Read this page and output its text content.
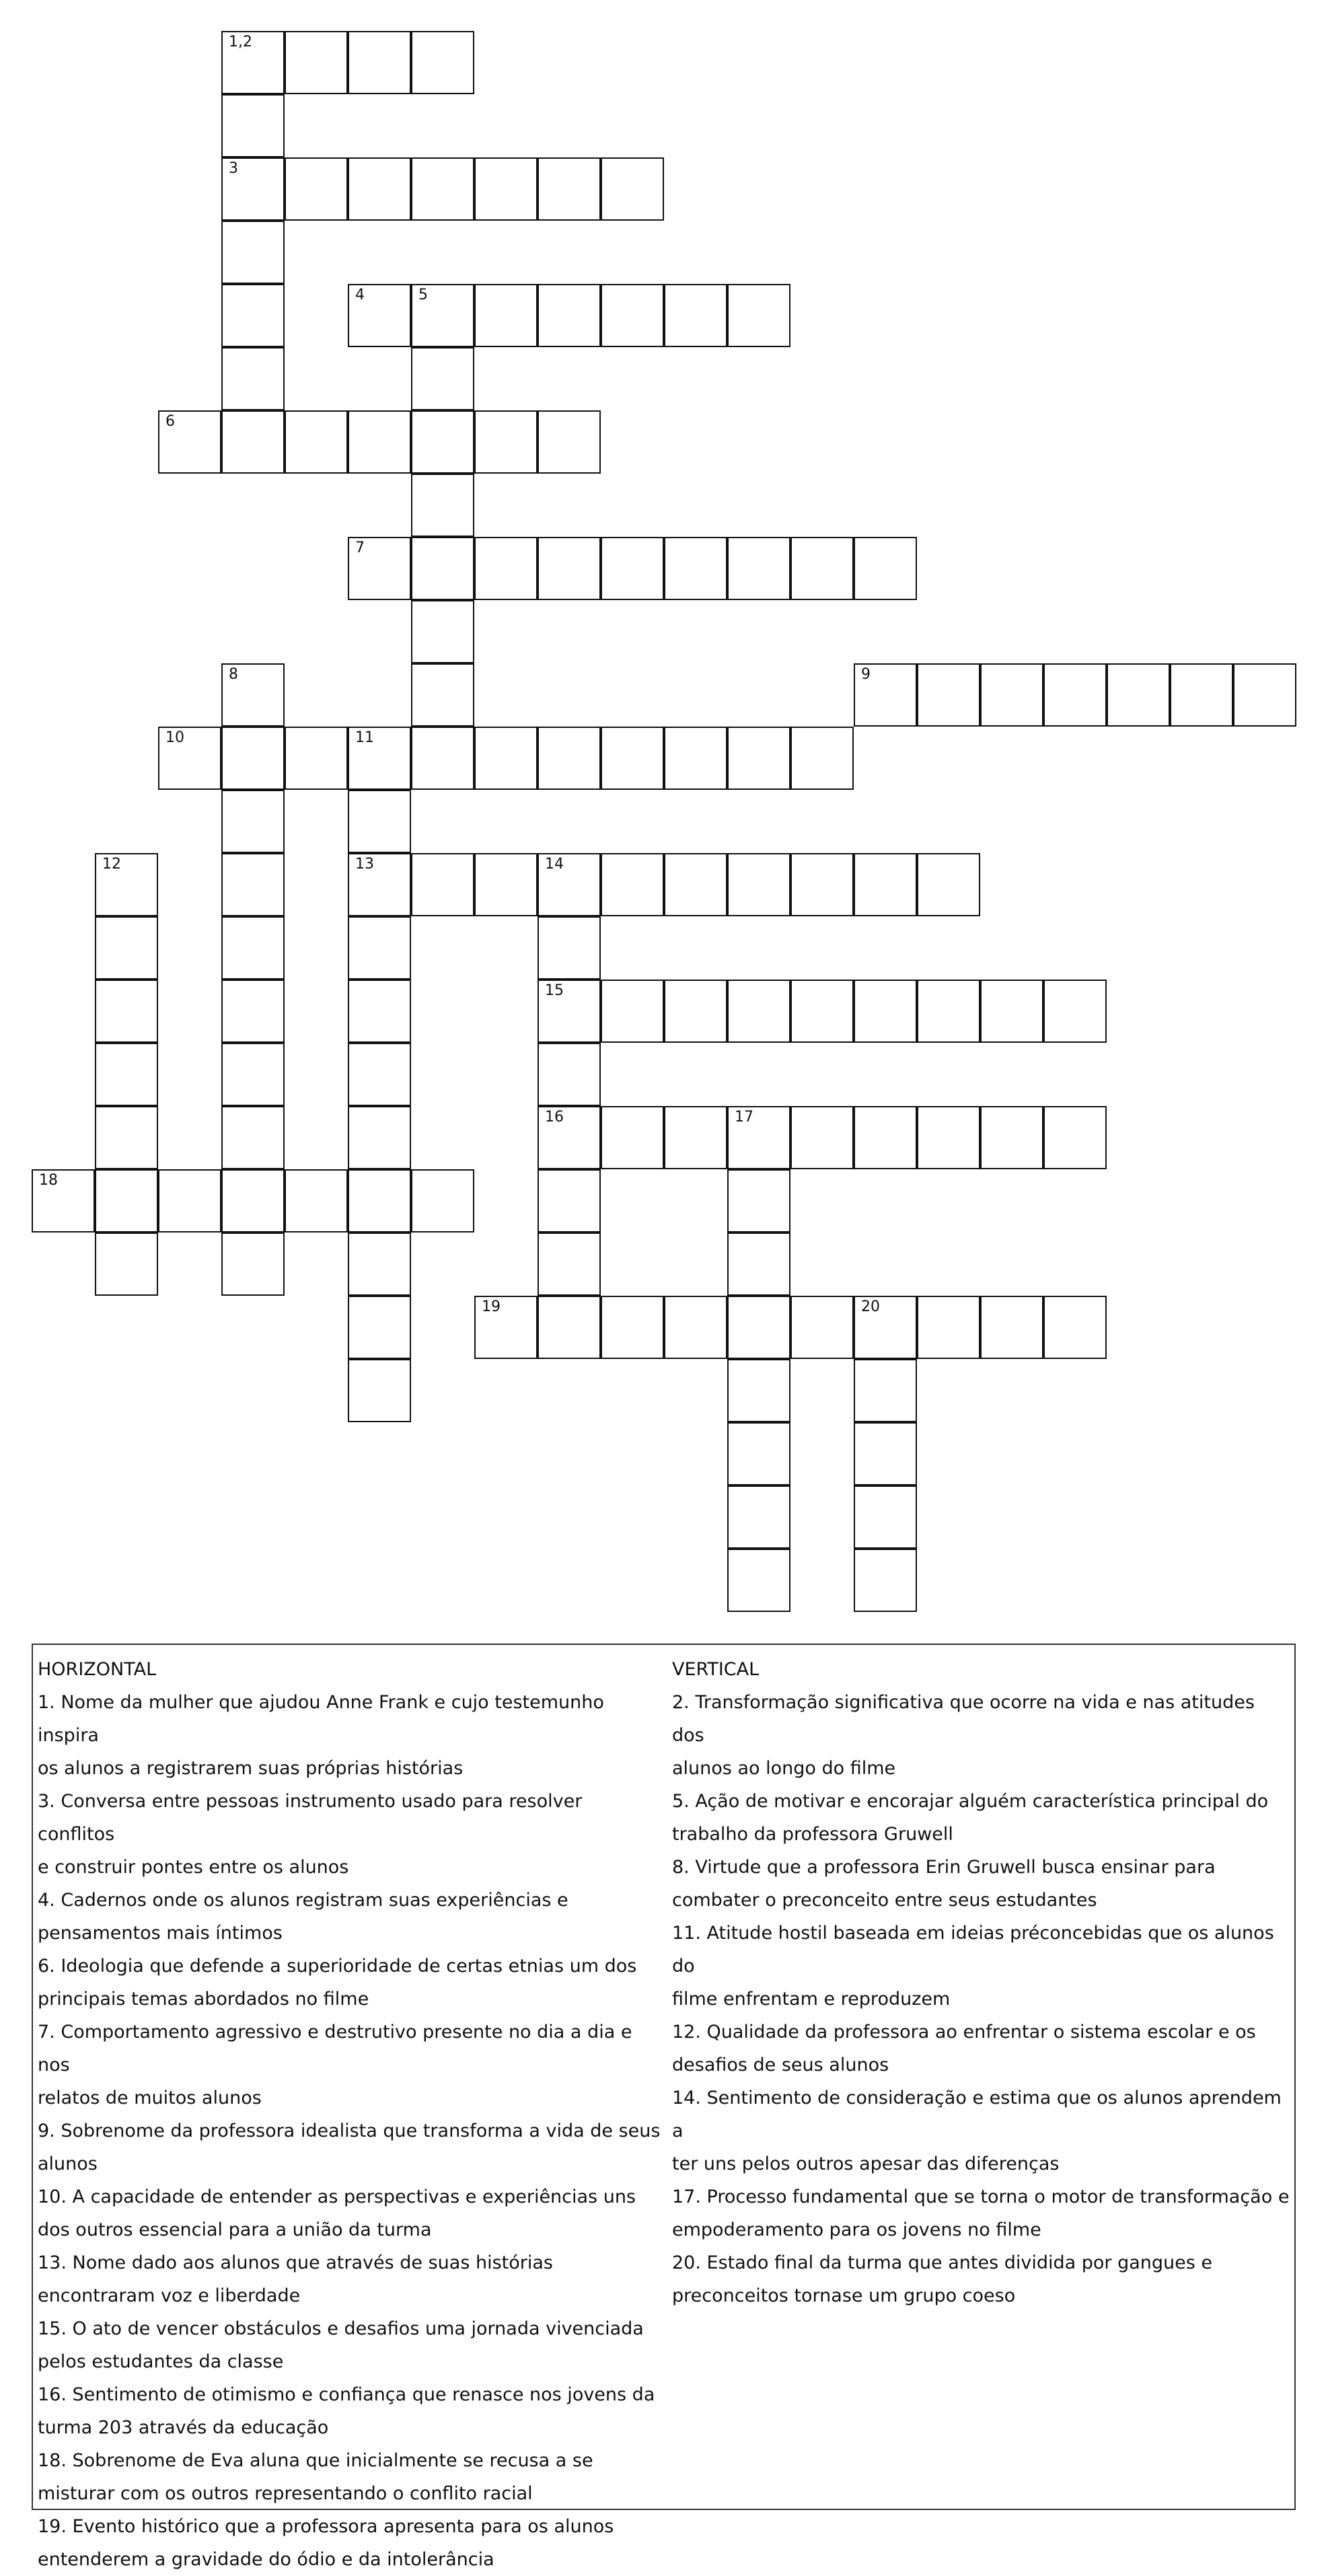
1,2
3
4	5
6
7
8	9
10	11
12	13	14
15
16	17
18
19	20
HORIZONTAL
1. Nome da mulher que ajudou Anne Frank e cujo testemunho inspira
os alunos a registrarem suas próprias histórias
3. Conversa entre pessoas instrumento usado para resolver conflitos
e construir pontes entre os alunos
4. Cadernos onde os alunos registram suas experiências e
pensamentos mais íntimos
6. Ideologia que defende a superioridade de certas etnias um dos
principais temas abordados no filme
7. Comportamento agressivo e destrutivo presente no dia a dia e nos
relatos de muitos alunos
9. Sobrenome da professora idealista que transforma a vida de seus
alunos
10. A capacidade de entender as perspectivas e experiências uns
dos outros essencial para a união da turma
13. Nome dado aos alunos que através de suas histórias
encontraram voz e liberdade
15. O ato de vencer obstáculos e desafios uma jornada vivenciada
pelos estudantes da classe
16. Sentimento de otimismo e confiança que renasce nos jovens da
turma 203 através da educação
18. Sobrenome de Eva aluna que inicialmente se recusa a se
misturar com os outros representando o conflito racial
19. Evento histórico que a professora apresenta para os alunos
entenderem a gravidade do ódio e da intolerância
VERTICAL
2. Transformação significativa que ocorre na vida e nas atitudes dos
alunos ao longo do filme
5. Ação de motivar e encorajar alguém característica principal do
trabalho da professora Gruwell
8. Virtude que a professora Erin Gruwell busca ensinar para
combater o preconceito entre seus estudantes
11. Atitude hostil baseada em ideias préconcebidas que os alunos do
filme enfrentam e reproduzem
12. Qualidade da professora ao enfrentar o sistema escolar e os
desafios de seus alunos
14. Sentimento de consideração e estima que os alunos aprendem a
ter uns pelos outros apesar das diferenças
17. Processo fundamental que se torna o motor de transformação e
empoderamento para os jovens no filme
20. Estado final da turma que antes dividida por gangues e
preconceitos tornase um grupo coeso
